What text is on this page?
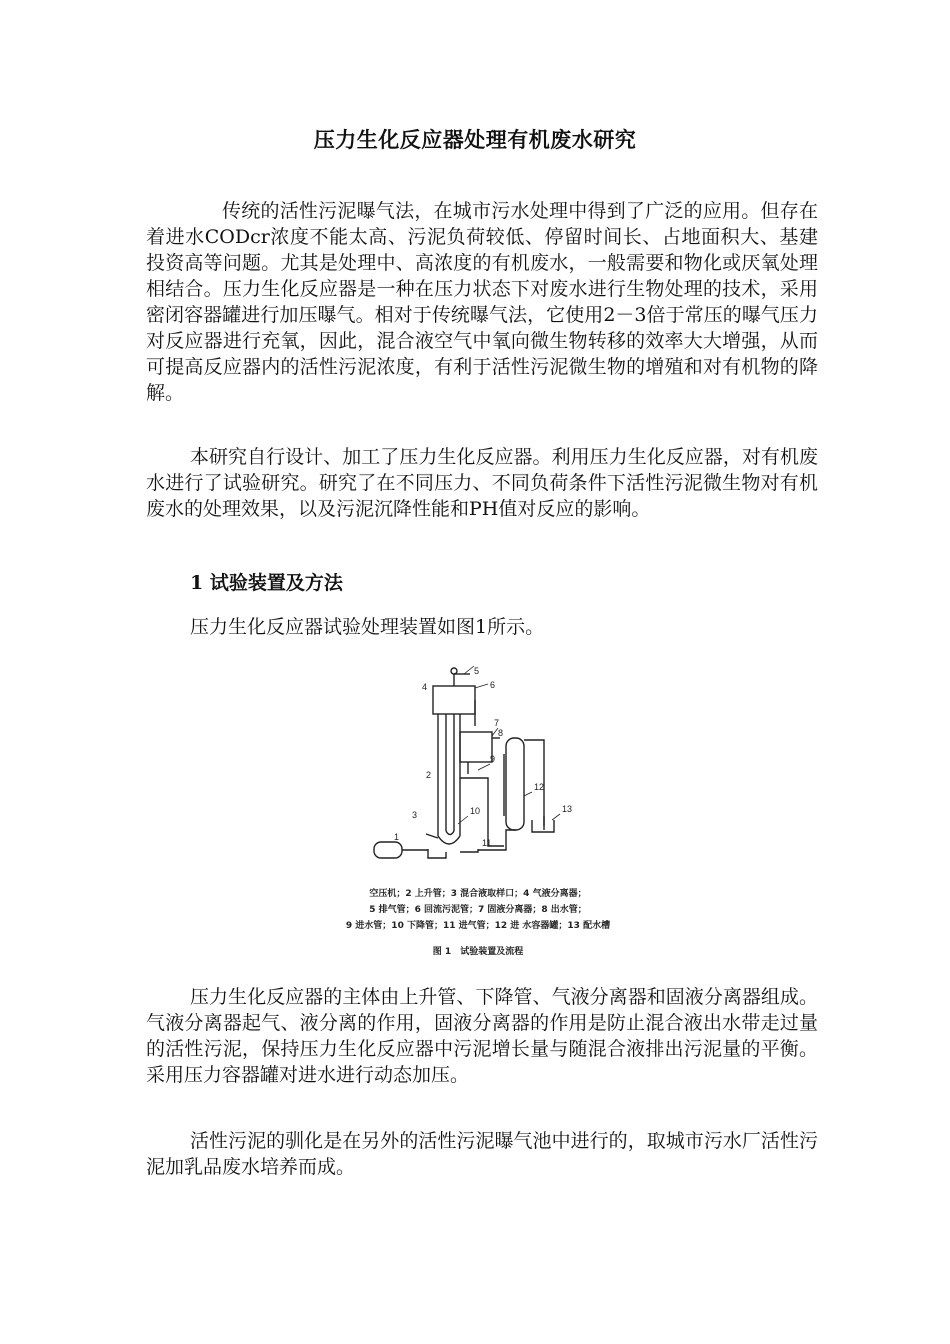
压力生化反应器处理有机废水研究

传统的活性污泥曝气法，在城市污水处理中得到了广泛的应用。但存在着进水CODcr浓度不能太高、污泥负荷较低、停留时间长、占地面积大、基建投资高等问题。尤其是处理中、高浓度的有机废水，一般需要和物化或厌氧处理相结合。压力生化反应器是一种在压力状态下对废水进行生物处理的技术，采用密闭容器罐进行加压曝气。相对于传统曝气法，它使用2－3倍于常压的曝气压力对反应器进行充氧，因此，混合液空气中氧向微生物转移的效率大大增强，从而可提高反应器内的活性污泥浓度，有利于活性污泥微生物的增殖和对有机物的降解。

本研究自行设计、加工了压力生化反应器。利用压力生化反应器，对有机废水进行了试验研究。研究了在不同压力、不同负荷条件下活性污泥微生物对有机废水的处理效果，以及污泥沉降性能和PH值对反应的影响。

1 试验装置及方法

压力生化反应器试验处理装置如图1所示。

4
5
6
7
8
9
3
2
10
1
11
12
13
空压机；2 上升管；3 混合液取样口；4 气液分离器；
5 排气管；6 回流污泥管；7 固液分离器；8 出水管；
9 进水管；10 下降管；11 进气管；12 进 水容器罐；13 配水槽
图 1　试验装置及流程

压力生化反应器的主体由上升管、下降管、气液分离器和固液分离器组成。气液分离器起气、液分离的作用，固液分离器的作用是防止混合液出水带走过量的活性污泥，保持压力生化反应器中污泥增长量与随混合液排出污泥量的平衡。采用压力容器罐对进水进行动态加压。

活性污泥的驯化是在另外的活性污泥曝气池中进行的，取城市污水厂活性污泥加乳品废水培养而成。
